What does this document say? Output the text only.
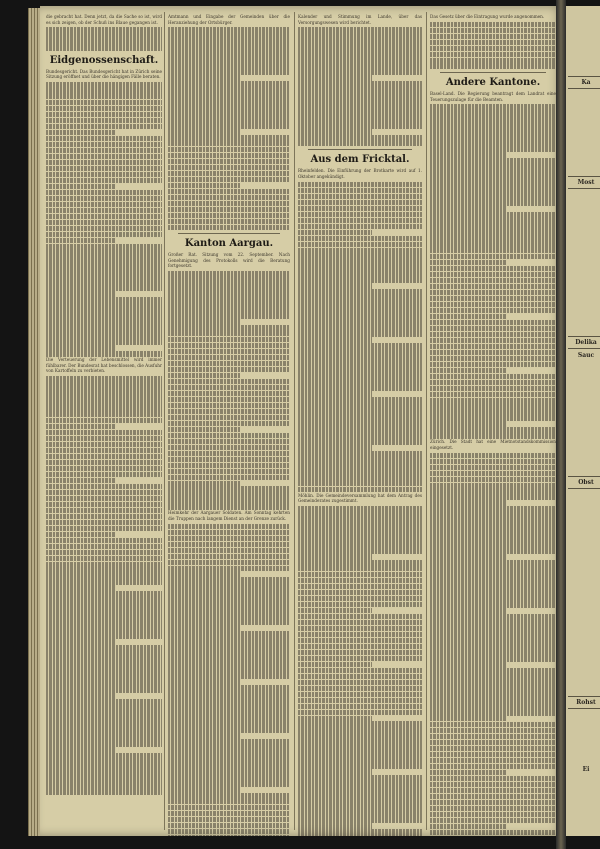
die gebracht hat. Denn jetzt, da die Sache so ist, wird es sich zeigen, ob der Schuß ins Blaue gegangen ist.

Eidgenossenschaft.

Bundesgericht. Das Bundesgericht hat in Zürich seine Sitzung eröffnet und über die hängigen Fälle beraten.

Die Verteuerung der Lebensmittel wird immer fühlbarer. Der Bundesrat hat beschlossen, die Ausfuhr von Kartoffeln zu verbieten.

Amtmann und Eingabe der Gemeinden über die Heranziehung der Ortsbürger.

Kanton Aargau.

Großer Rat. Sitzung vom 22. September. Nach Genehmigung des Protokolls wird die Beratung fortgesetzt.

Heimkehr der Aargauer Soldaten. Am Sonntag kehrten die Truppen nach langem Dienst an der Grenze zurück.

Kalender und Stimmung im Lande, über das Versorgungswesen wird berichtet.

Aus dem Fricktal.

Rheinfelden. Die Einführung der Brotkarte wird auf 1. Oktober angekündigt.

Möhlin. Die Gemeindeversammlung hat dem Antrag des Gemeinderates zugestimmt.

Das Gesetz über die Eintragung wurde angenommen.

Andere Kantone.

Basel-Land. Die Regierung beantragt dem Landrat eine Teuerungszulage für die Beamten.

Zürich. Die Stadt hat eine Mietnotstandskommission eingesetzt.

Ka
Most
Delika
Sauc
Obst
Rohst
Ei
